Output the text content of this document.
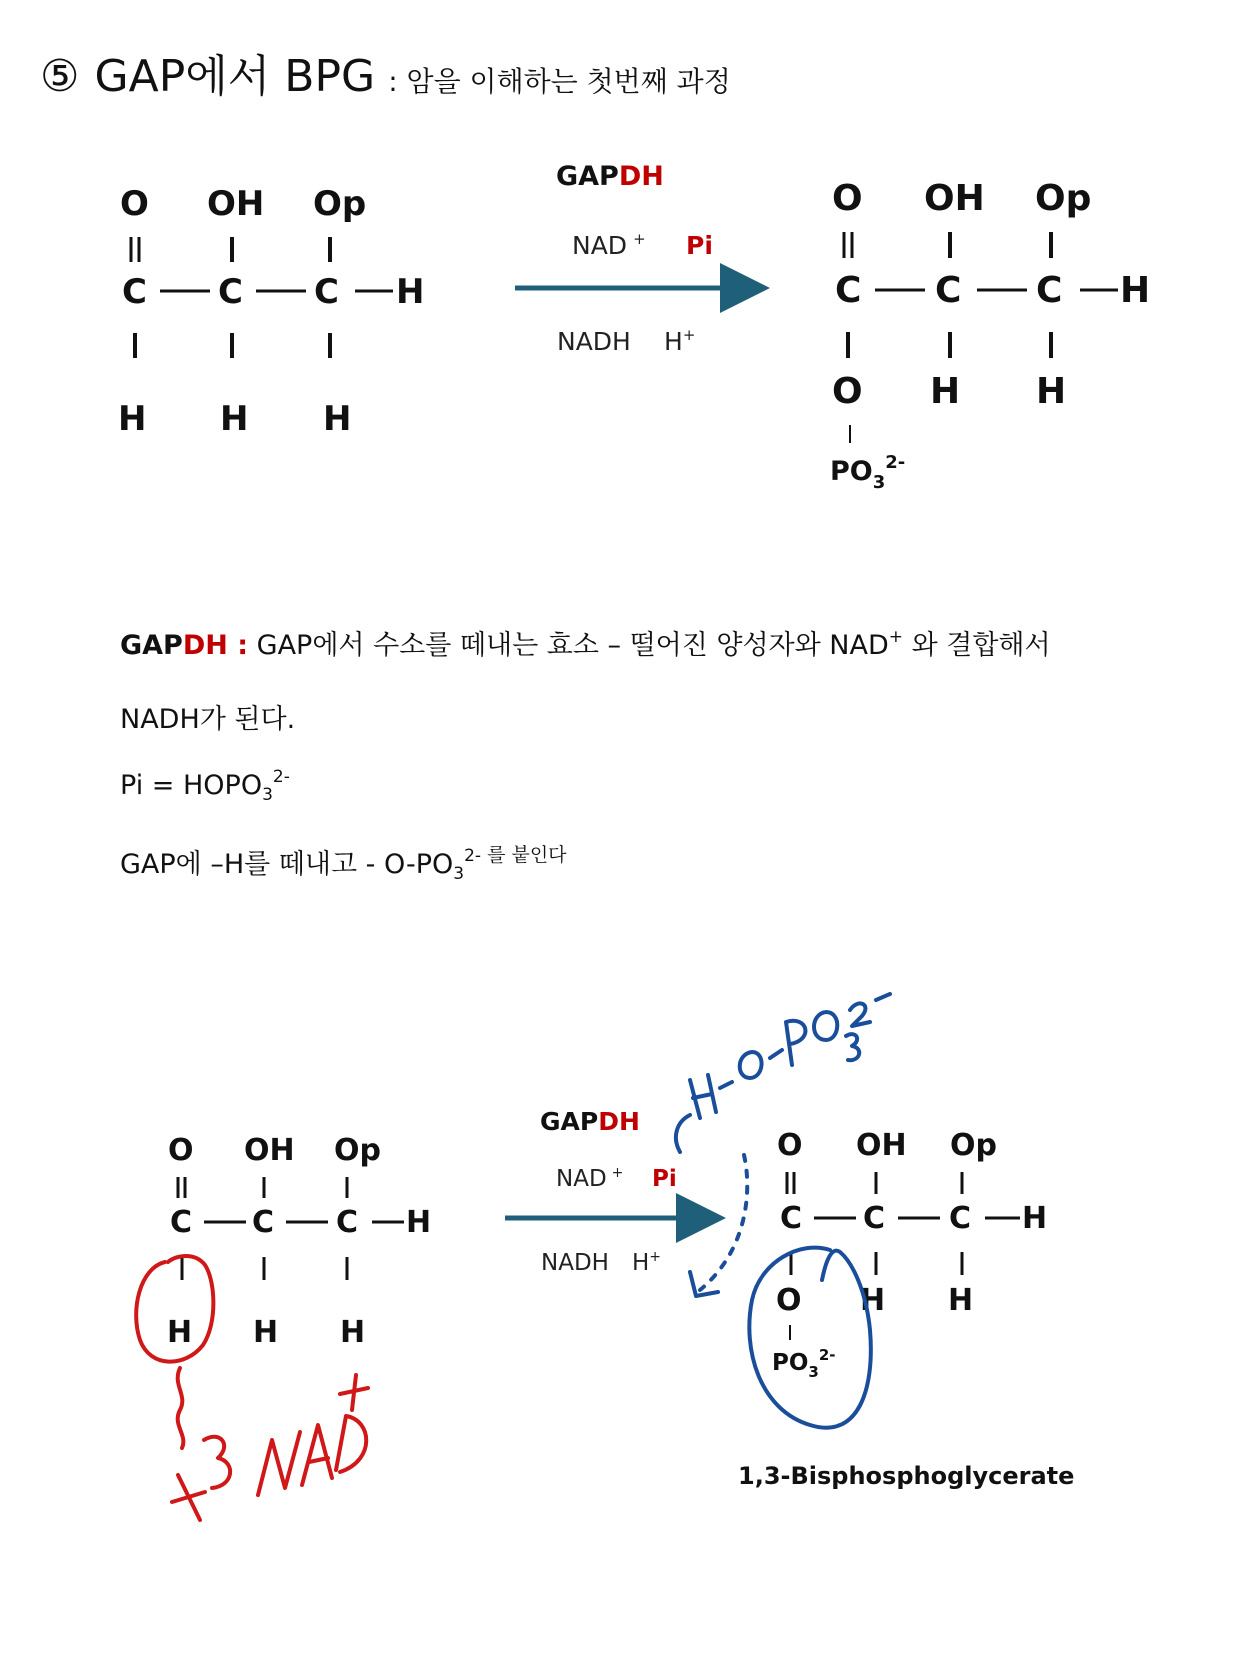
⑤ GAP에서 BPG : 암을 이해하는 첫번째 과정
O OH Op
C C C H
H H H
GAPDH
NAD + Pi
NADH H+
O OH Op
C C C H
O H H
$PO_3^{2-}$
O OH Op
C C C H
H H H
GAPDH
NAD + Pi
NADH H+
O OH Op
C C C H
O H H
$PO_3^{2-}$
GAPDH : GAP에서 수소를 떼내는 효소 – 떨어진 양성자와 NAD+ 와 결합해서
NADH가 된다.
$Pi = HOPO_3^{2-}$
GAP에 –H를 떼내고 - $O-PO_3^{2-}$ $^{를 붙인다}$
1,3-Bisphosphoglycerate
